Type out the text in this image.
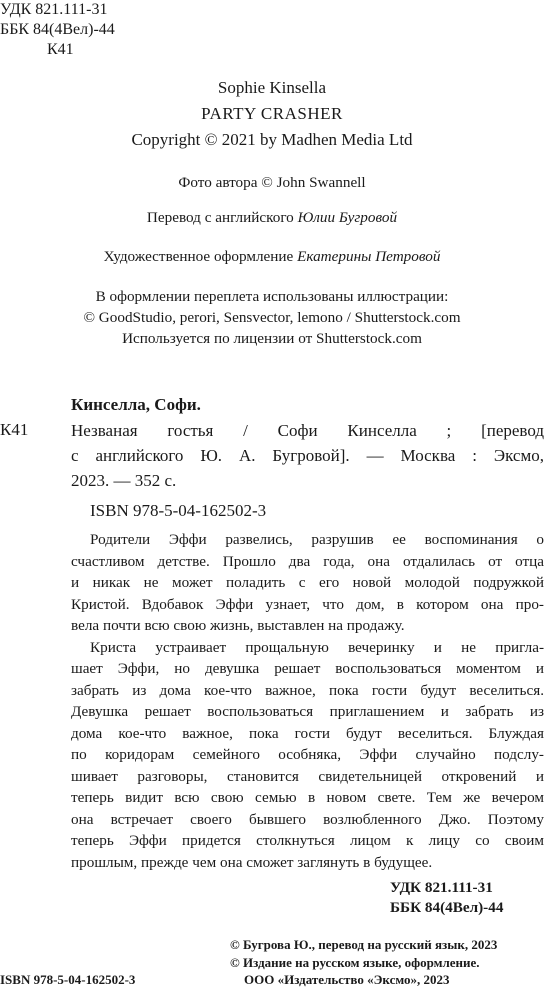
УДК 821.111-31
ББК 84(4Вел)-44
К41
Sophie Kinsella
PARTY CRASHER
Copyright © 2021 by Madhen Media Ltd
Фото автора © John Swannell
Перевод с английского Юлии Бугровой
Художественное оформление Екатерины Петровой
В оформлении переплета использованы иллюстрации:
© GoodStudio, perori, Sensvector, lemono / Shutterstock.com
Используется по лицензии от Shutterstock.com
Кинселла, Софи.
К41	Незваная гостья / Софи Кинселла ; [перевод
с английского Ю. А. Бугровой]. — Москва : Эксмо,
2023. — 352 с.
ISBN 978-5-04-162502-3
Родители Эффи развелись, разрушив ее воспоминания о
счастливом детстве. Прошло два года, она отдалилась от отца
и никак не может поладить с его новой молодой подружкой
Кристой. Вдобавок Эффи узнает, что дом, в котором она про-
вела почти всю свою жизнь, выставлен на продажу.
Криста устраивает прощальную вечеринку и не пригла-
шает Эффи, но девушка решает воспользоваться моментом и
забрать из дома кое-что важное, пока гости будут веселиться.
Девушка решает воспользоваться приглашением и забрать из
дома кое-что важное, пока гости будут веселиться. Блуждая
по коридорам семейного особняка, Эффи случайно подслу-
шивает разговоры, становится свидетельницей откровений и
теперь видит всю свою семью в новом свете. Тем же вечером
она встречает своего бывшего возлюбленного Джо. Поэтому
теперь Эффи придется столкнуться лицом к лицу со своим
прошлым, прежде чем она сможет заглянуть в будущее.
УДК 821.111-31
ББК 84(4Вел)-44
© Бугрова Ю., перевод на русский язык, 2023
© Издание на русском языке, оформление.
ООО «Издательство «Эксмо», 2023
ISBN 978-5-04-162502-3
